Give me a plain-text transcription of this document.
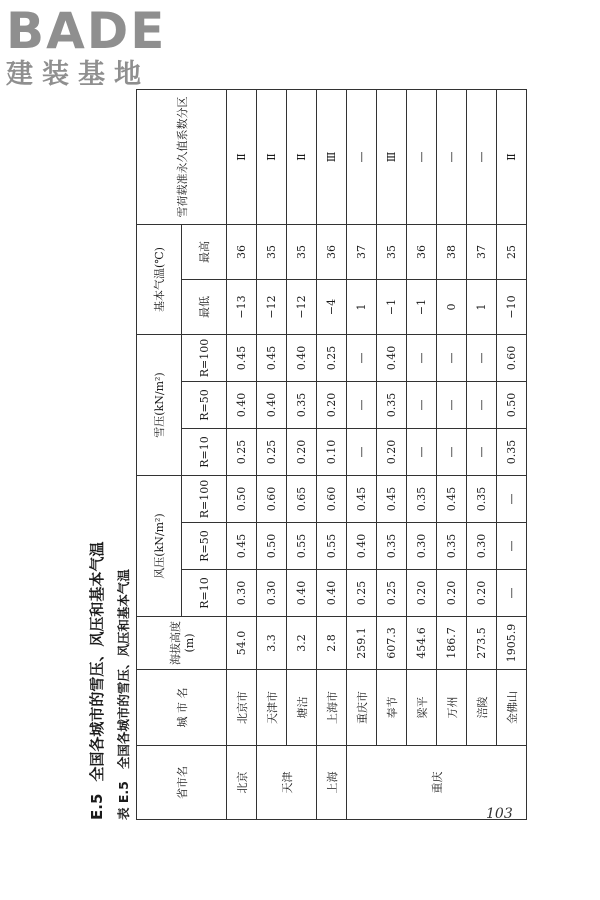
BADE
建装基地
E.5全国各城市的雪压、风压和基本气温
表 E.5全国各城市的雪压、风压和基本气温
省市名	城 市 名	海拔高度(m)	风压(kN/m²)			雪压(kN/m²)			基本气温(℃)		雪荷载准永久值系数分区
			R=10	R=50	R=100	R=10	R=50	R=100	最低	最高	
北京	北京市	54.0	0.30	0.45	0.50	0.25	0.40	0.45	−13	36	Ⅱ
天津	天津市	3.3	0.30	0.50	0.60	0.25	0.40	0.45	−12	35	Ⅱ
	塘沽	3.2	0.40	0.55	0.65	0.20	0.35	0.40	−12	35	Ⅱ
上海	上海市	2.8	0.40	0.55	0.60	0.10	0.20	0.25	−4	36	Ⅲ
重庆	重庆市	259.1	0.25	0.40	0.45	—	—	—	1	37	—
	奉节	607.3	0.25	0.35	0.45	0.20	0.35	0.40	−1	35	Ⅲ
	梁平	454.6	0.20	0.30	0.35	—	—	—	−1	36	—
	万州	186.7	0.20	0.35	0.45	—	—	—	0	38	—
	涪陵	273.5	0.20	0.30	0.35	—	—	—	1	37	—
	金佛山	1905.9	—	—	—	0.35	0.50	0.60	−10	25	Ⅱ
103
